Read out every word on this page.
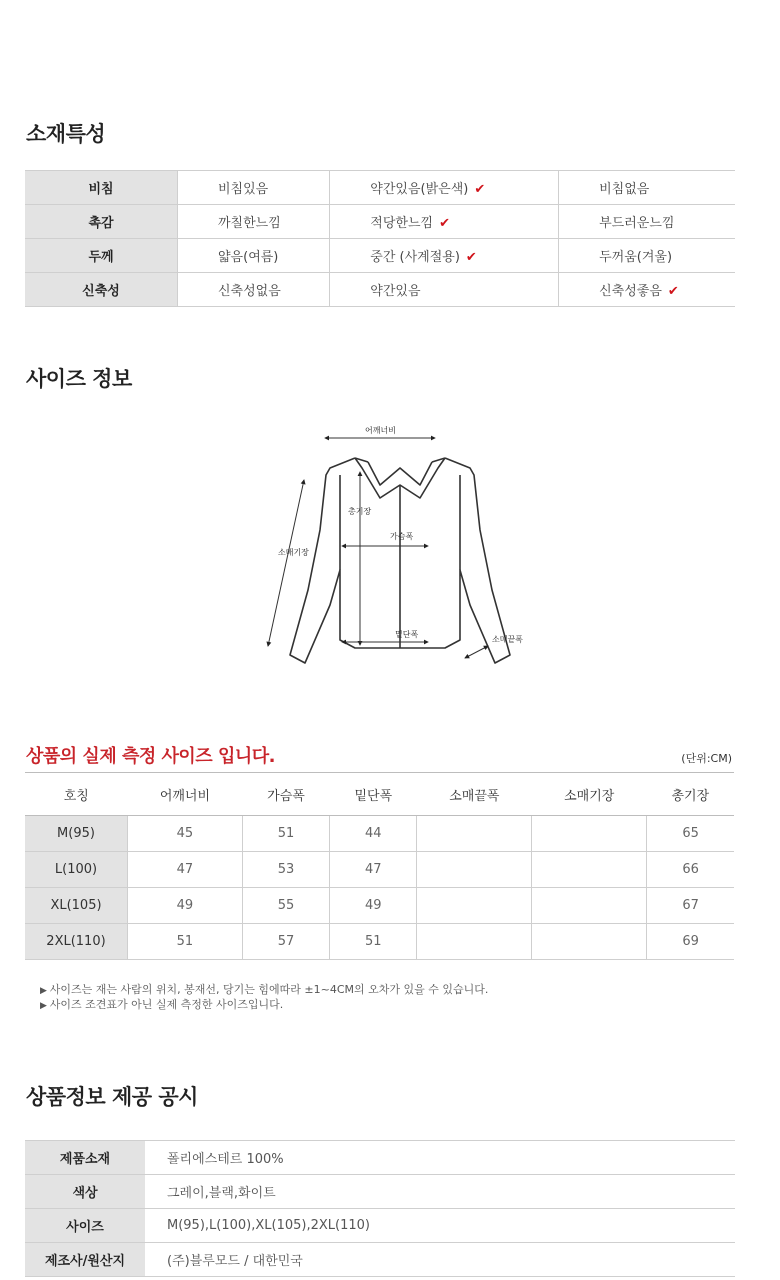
소재특성
비침	비침있음	약간있음(밝은색) ✔	비침없음
촉감	까칠한느낌	적당한느낌 ✔	부드러운느낌
두께	얇음(여름)	중간 (사계절용) ✔	두꺼움(겨울)
신축성	신축성없음	약간있음	신축성좋음 ✔
사이즈 정보
어깨너비
총기장
가슴폭
소매기장
밑단폭
소매끝폭
상품의 실제 측정 사이즈 입니다.	(단위:CM)
호칭	어깨너비	가슴폭	밑단폭	소매끝폭	소매기장	총기장
M(95)	45	51	44			65
L(100)	47	53	47			66
XL(105)	49	55	49			67
2XL(110)	51	57	51			69
▶ 사이즈는 재는 사람의 위치, 봉재선, 당기는 힘에따라 ±1~4CM의 오차가 있을 수 있습니다.
▶ 사이즈 조견표가 아닌 실제 측정한 사이즈입니다.
상품정보 제공 공시
제품소재	폴리에스테르 100%
색상	그레이,블랙,화이트
사이즈	M(95),L(100),XL(105),2XL(110)
제조사/원산지	(주)블루모드 / 대한민국
